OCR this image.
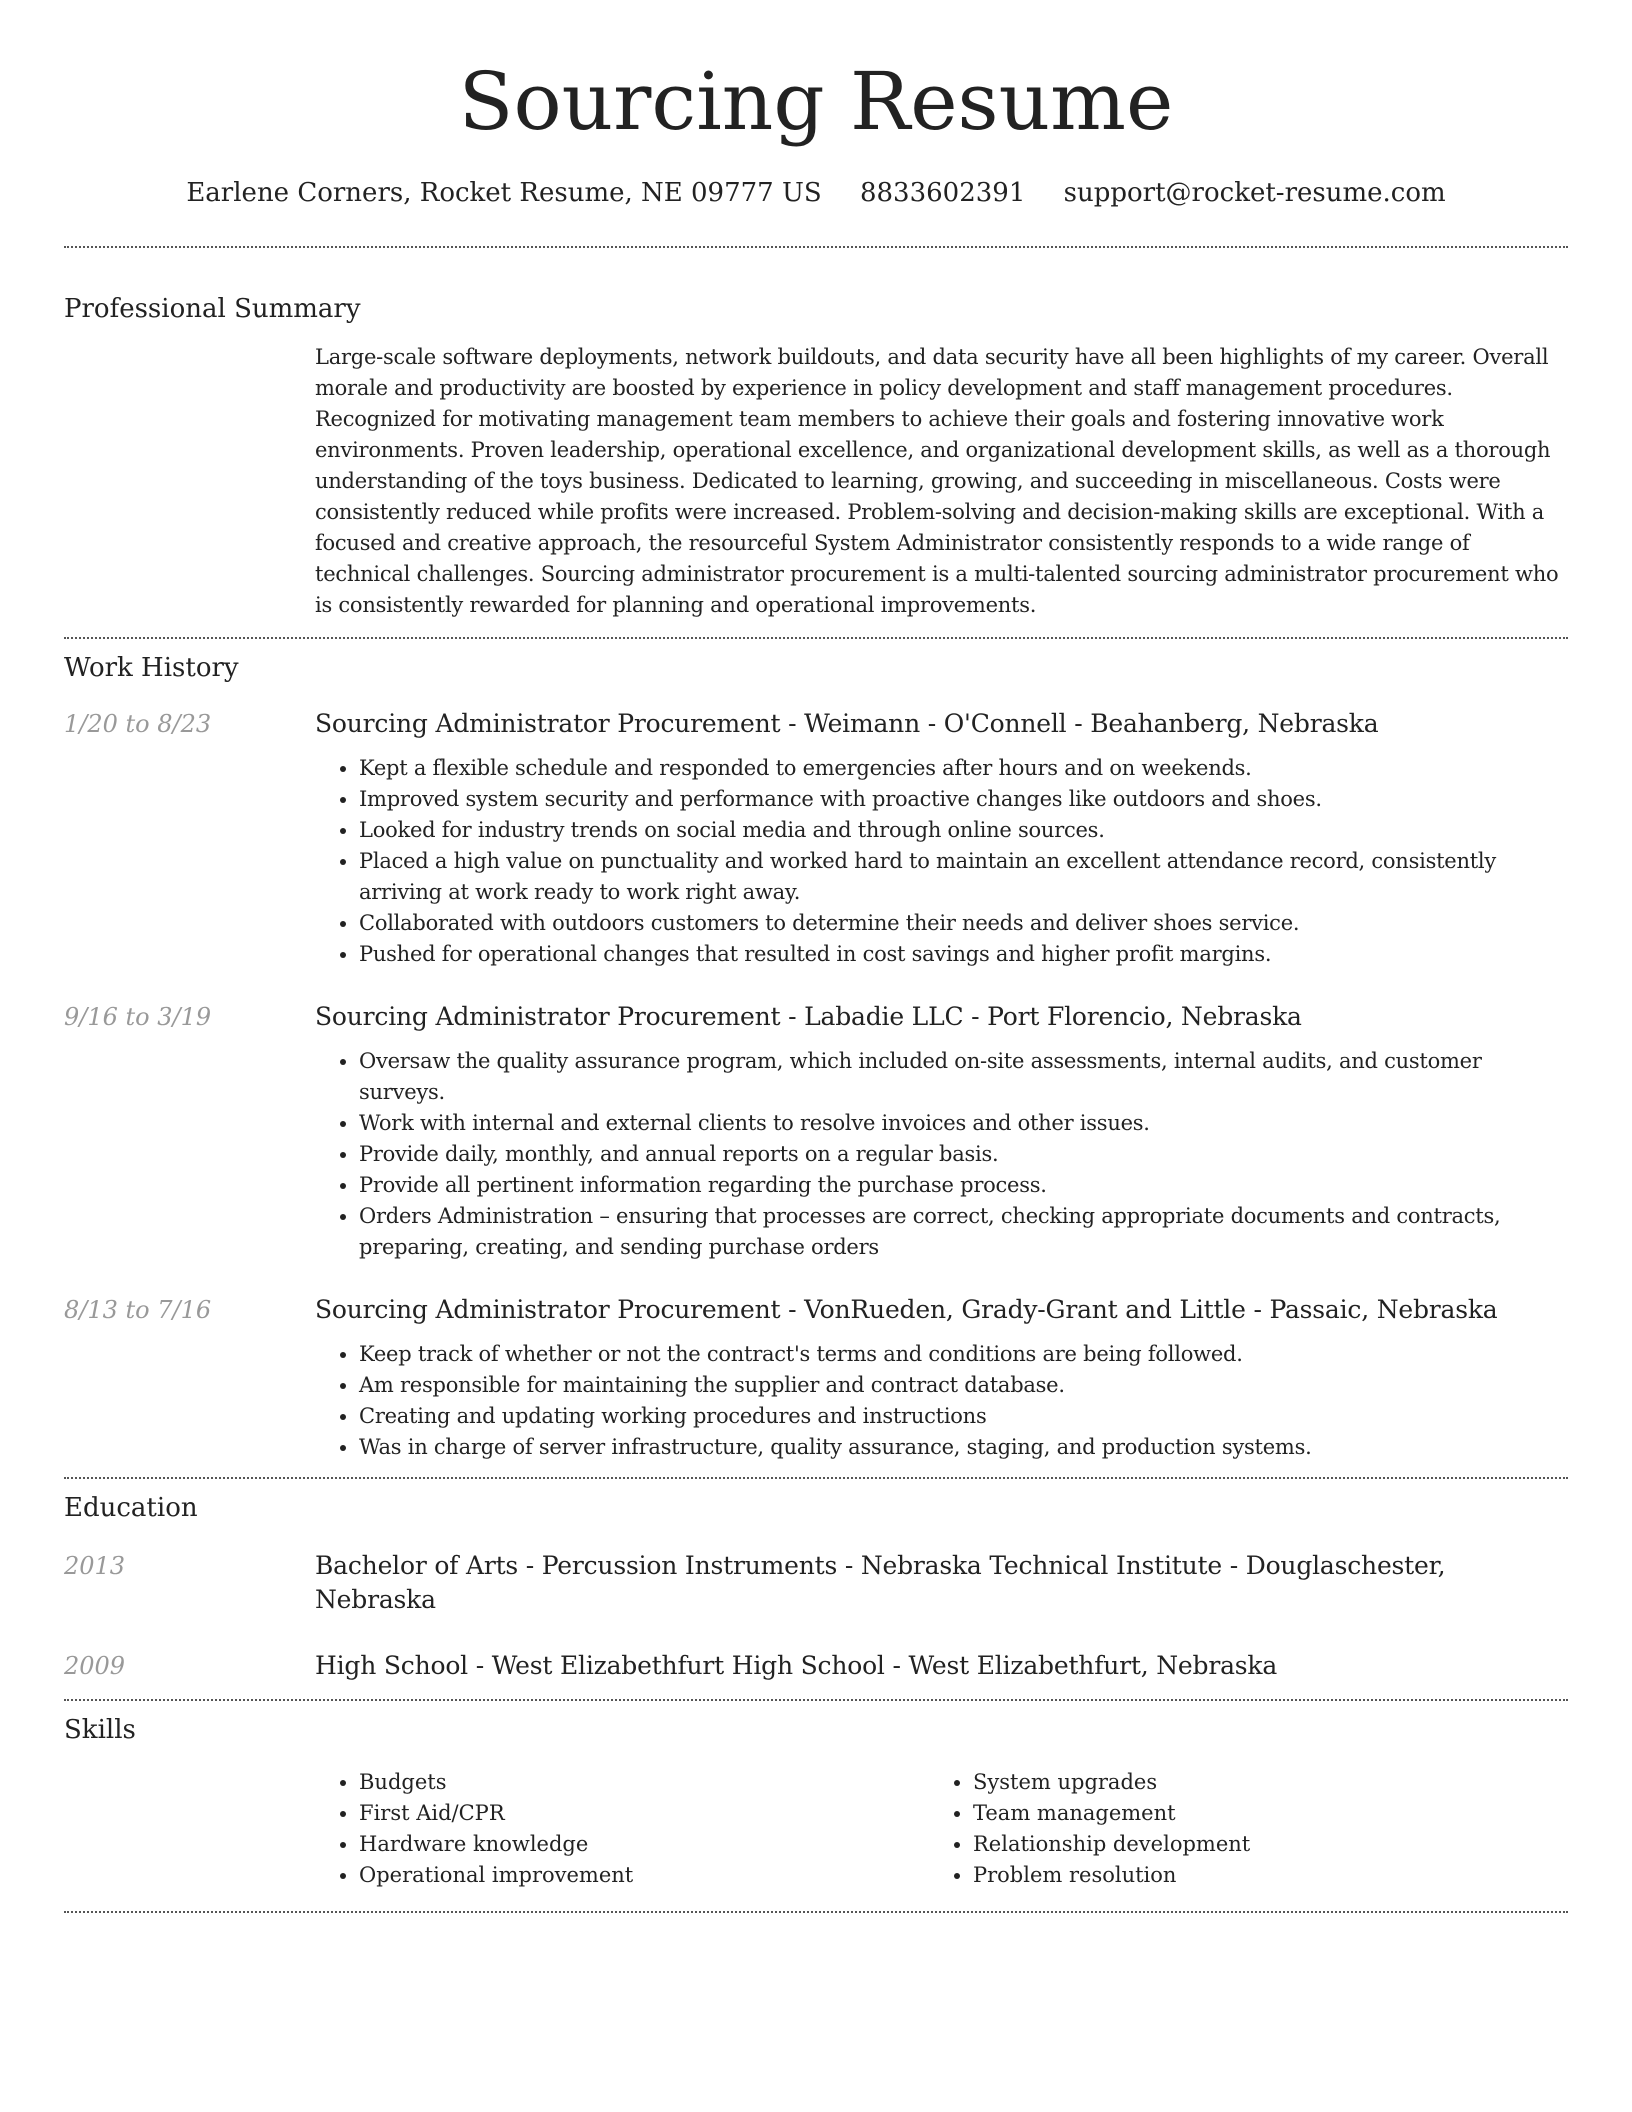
Sourcing Resume
Earlene Corners, Rocket Resume, NE 09777 US 8833602391 support@rocket-resume.com
Professional Summary
Large-scale software deployments, network buildouts, and data security have all been highlights of my career. Overall morale and productivity are boosted by experience in policy development and staff management procedures. Recognized for motivating management team members to achieve their goals and fostering innovative work environments. Proven leadership, operational excellence, and organizational development skills, as well as a thorough understanding of the toys business. Dedicated to learning, growing, and succeeding in miscellaneous. Costs were consistently reduced while profits were increased. Problem-solving and decision-making skills are exceptional. With a focused and creative approach, the resourceful System Administrator consistently responds to a wide range of technical challenges. Sourcing administrator procurement is a multi-talented sourcing administrator procurement who is consistently rewarded for planning and operational improvements.
Work History
1/20 to 8/23	Sourcing Administrator Procurement - Weimann - O'Connell - Beahanberg, Nebraska
• Kept a flexible schedule and responded to emergencies after hours and on weekends.
• Improved system security and performance with proactive changes like outdoors and shoes.
• Looked for industry trends on social media and through online sources.
• Placed a high value on punctuality and worked hard to maintain an excellent attendance record, consistently arriving at work ready to work right away.
• Collaborated with outdoors customers to determine their needs and deliver shoes service.
• Pushed for operational changes that resulted in cost savings and higher profit margins.
9/16 to 3/19	Sourcing Administrator Procurement - Labadie LLC - Port Florencio, Nebraska
• Oversaw the quality assurance program, which included on-site assessments, internal audits, and customer surveys.
• Work with internal and external clients to resolve invoices and other issues.
• Provide daily, monthly, and annual reports on a regular basis.
• Provide all pertinent information regarding the purchase process.
• Orders Administration – ensuring that processes are correct, checking appropriate documents and contracts, preparing, creating, and sending purchase orders
8/13 to 7/16	Sourcing Administrator Procurement - VonRueden, Grady-Grant and Little - Passaic, Nebraska
• Keep track of whether or not the contract's terms and conditions are being followed.
• Am responsible for maintaining the supplier and contract database.
• Creating and updating working procedures and instructions
• Was in charge of server infrastructure, quality assurance, staging, and production systems.
Education
2013	Bachelor of Arts - Percussion Instruments - Nebraska Technical Institute - Douglaschester, Nebraska
2009	High School - West Elizabethfurt High School - West Elizabethfurt, Nebraska
Skills
• Budgets
• First Aid/CPR
• Hardware knowledge
• Operational improvement
• System upgrades
• Team management
• Relationship development
• Problem resolution
